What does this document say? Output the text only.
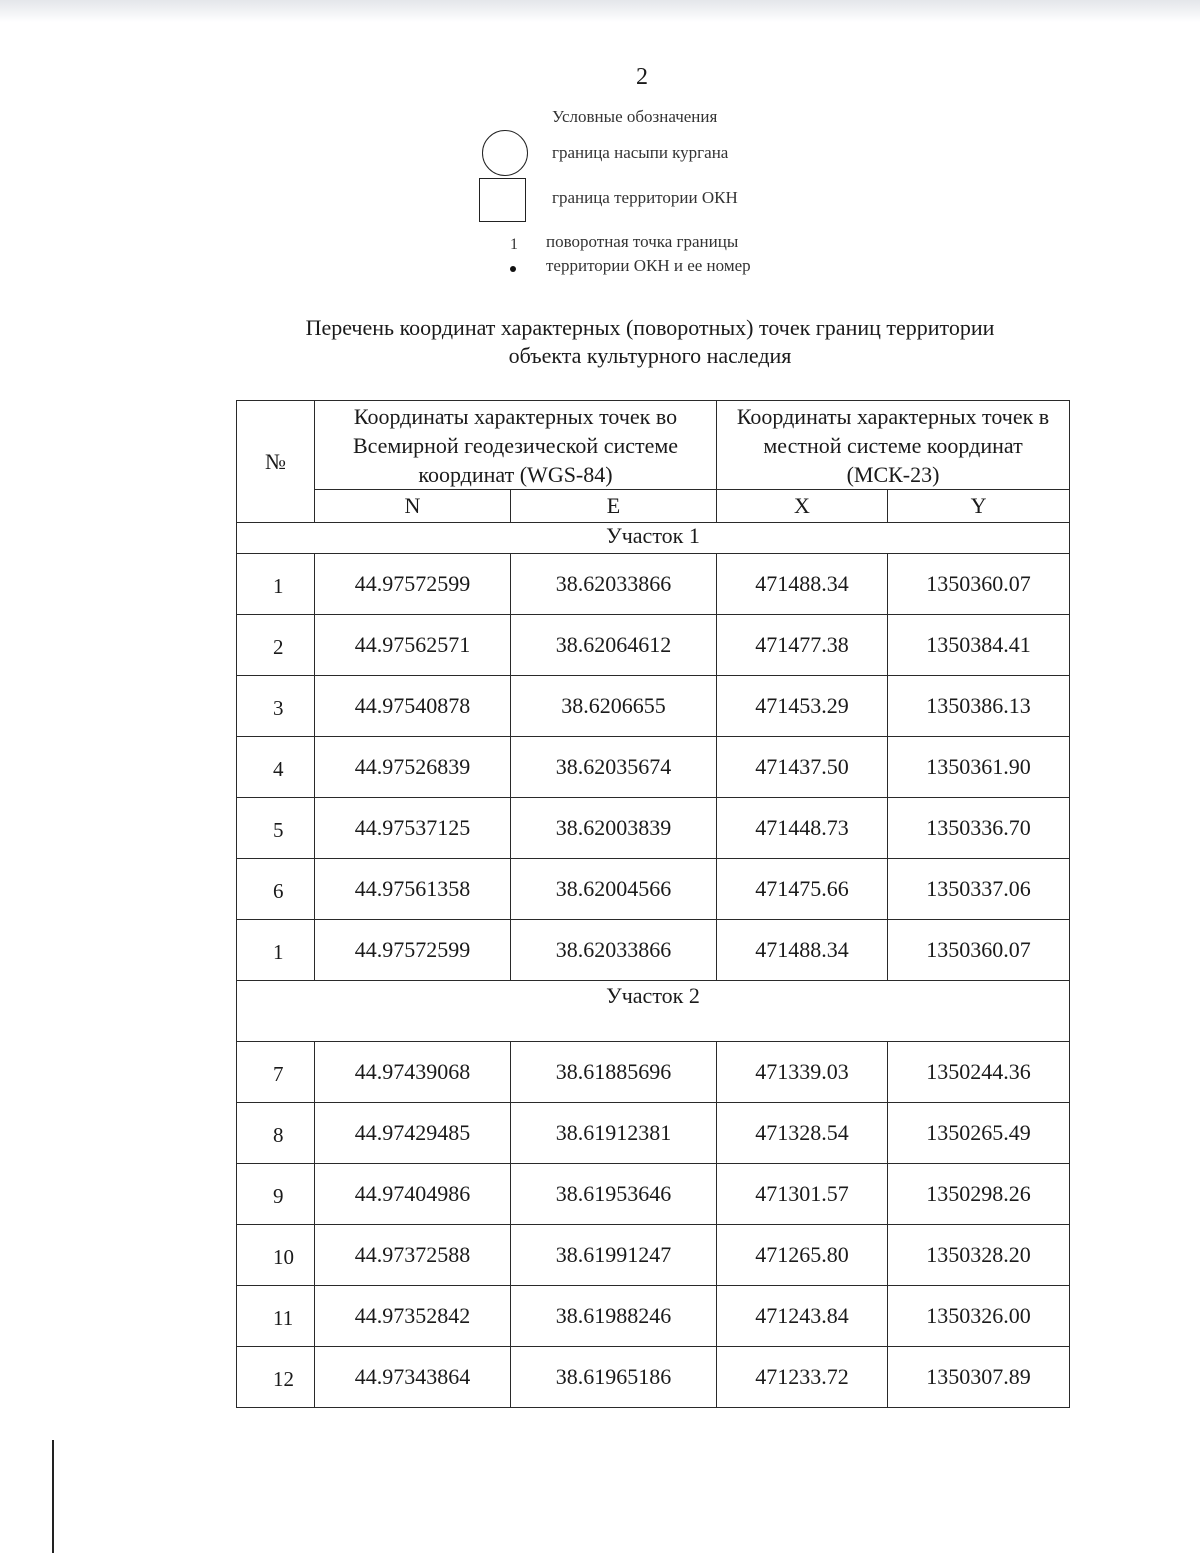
2
Условные обозначения
граница насыпи кургана
граница территории ОКН
1 поворотная точка границы
территории ОКН и ее номер
Перечень координат характерных (поворотных) точек границ территории
объекта культурного наследия
№	Координаты характерных точек во Всемирной геодезической системе координат (WGS-84)		Координаты характерных точек в местной системе координат (МСК-23)	
	N	E	X	Y
Участок 1				
1	44.97572599	38.62033866	471488.34	1350360.07
2	44.97562571	38.62064612	471477.38	1350384.41
3	44.97540878	38.6206655	471453.29	1350386.13
4	44.97526839	38.62035674	471437.50	1350361.90
5	44.97537125	38.62003839	471448.73	1350336.70
6	44.97561358	38.62004566	471475.66	1350337.06
1	44.97572599	38.62033866	471488.34	1350360.07
Участок 2				
7	44.97439068	38.61885696	471339.03	1350244.36
8	44.97429485	38.61912381	471328.54	1350265.49
9	44.97404986	38.61953646	471301.57	1350298.26
10	44.97372588	38.61991247	471265.80	1350328.20
11	44.97352842	38.61988246	471243.84	1350326.00
12	44.97343864	38.61965186	471233.72	1350307.89
